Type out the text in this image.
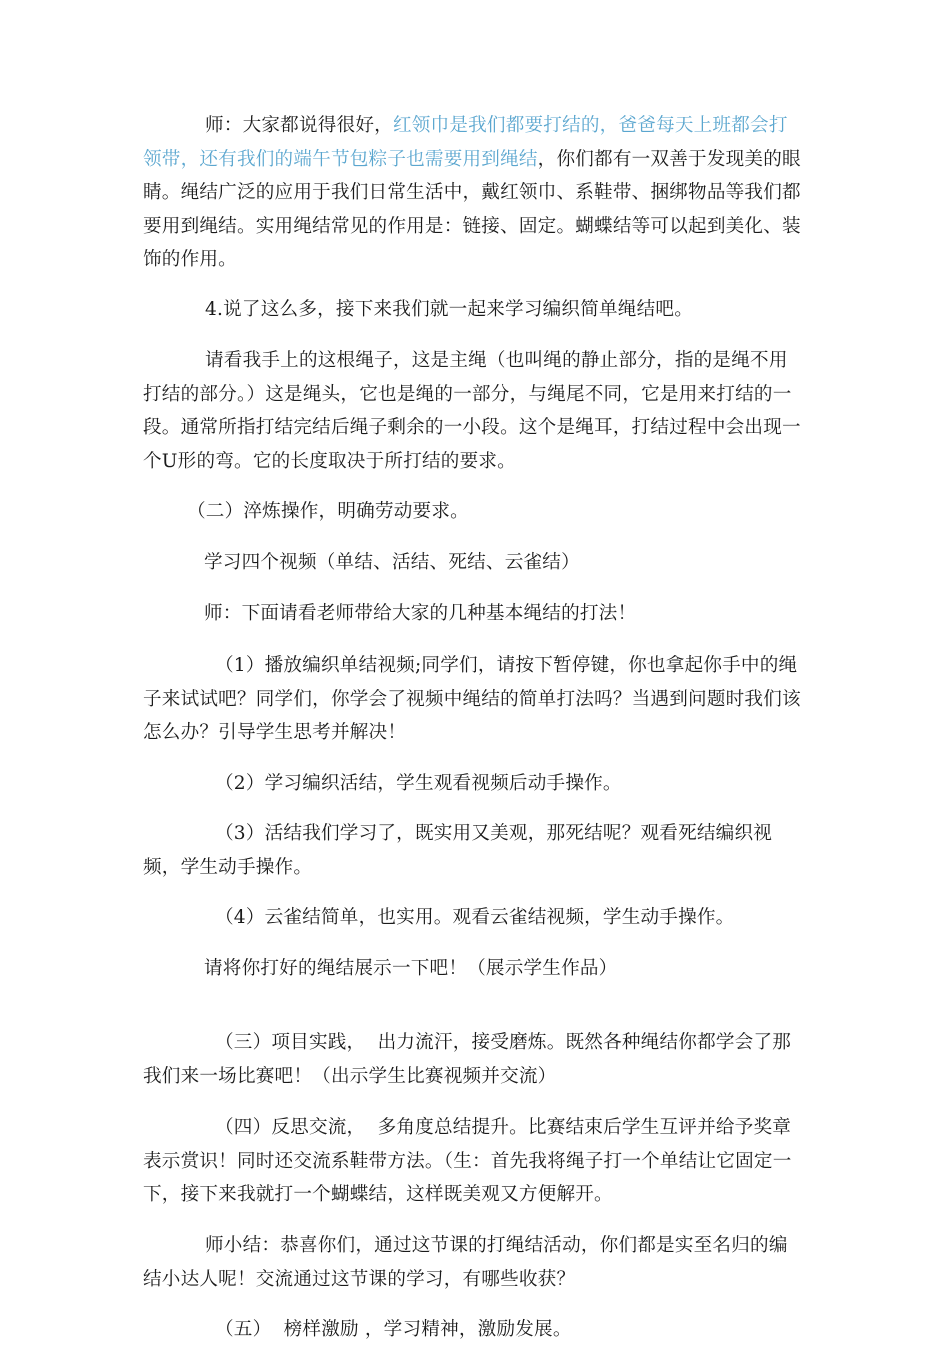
师：大家都说得很好，红领巾是我们都要打结的，爸爸每天上班都会打领带，还有我们的端午节包粽子也需要用到绳结，你们都有一双善于发现美的眼睛。绳结广泛的应用于我们日常生活中，戴红领巾、系鞋带、捆绑物品等我们都要用到绳结。实用绳结常见的作用是：链接、固定。蝴蝶结等可以起到美化、装饰的作用。

4.说了这么多，接下来我们就一起来学习编织简单绳结吧。

请看我手上的这根绳子，这是主绳（也叫绳的静止部分，指的是绳不用打结的部分。）这是绳头，它也是绳的一部分，与绳尾不同，它是用来打结的一段。通常所指打结完结后绳子剩余的一小段。这个是绳耳，打结过程中会出现一个U形的弯。它的长度取决于所打结的要求。

（二）淬炼操作，明确劳动要求。

学习四个视频（单结、活结、死结、云雀结）

师：下面请看老师带给大家的几种基本绳结的打法！

（1）播放编织单结视频;同学们，请按下暂停键，你也拿起你手中的绳子来试试吧？同学们，你学会了视频中绳结的简单打法吗？当遇到问题时我们该怎么办？引导学生思考并解决！

（2）学习编织活结，学生观看视频后动手操作。

（3）活结我们学习了，既实用又美观，那死结呢？观看死结编织视频，学生动手操作。

（4）云雀结简单，也实用。观看云雀结视频，学生动手操作。

请将你打好的绳结展示一下吧！（展示学生作品）

（三）项目实践，  出力流汗，接受磨炼。既然各种绳结你都学会了那我们来一场比赛吧！（出示学生比赛视频并交流）

（四）反思交流，  多角度总结提升。比赛结束后学生互评并给予奖章表示赏识！同时还交流系鞋带方法。（生：首先我将绳子打一个单结让它固定一下，接下来我就打一个蝴蝶结，这样既美观又方便解开。

师小结：恭喜你们，通过这节课的打绳结活动，你们都是实至名归的编结小达人呢！交流通过这节课的学习，有哪些收获？

（五）  榜样激励 ，学习精神，激励发展。
